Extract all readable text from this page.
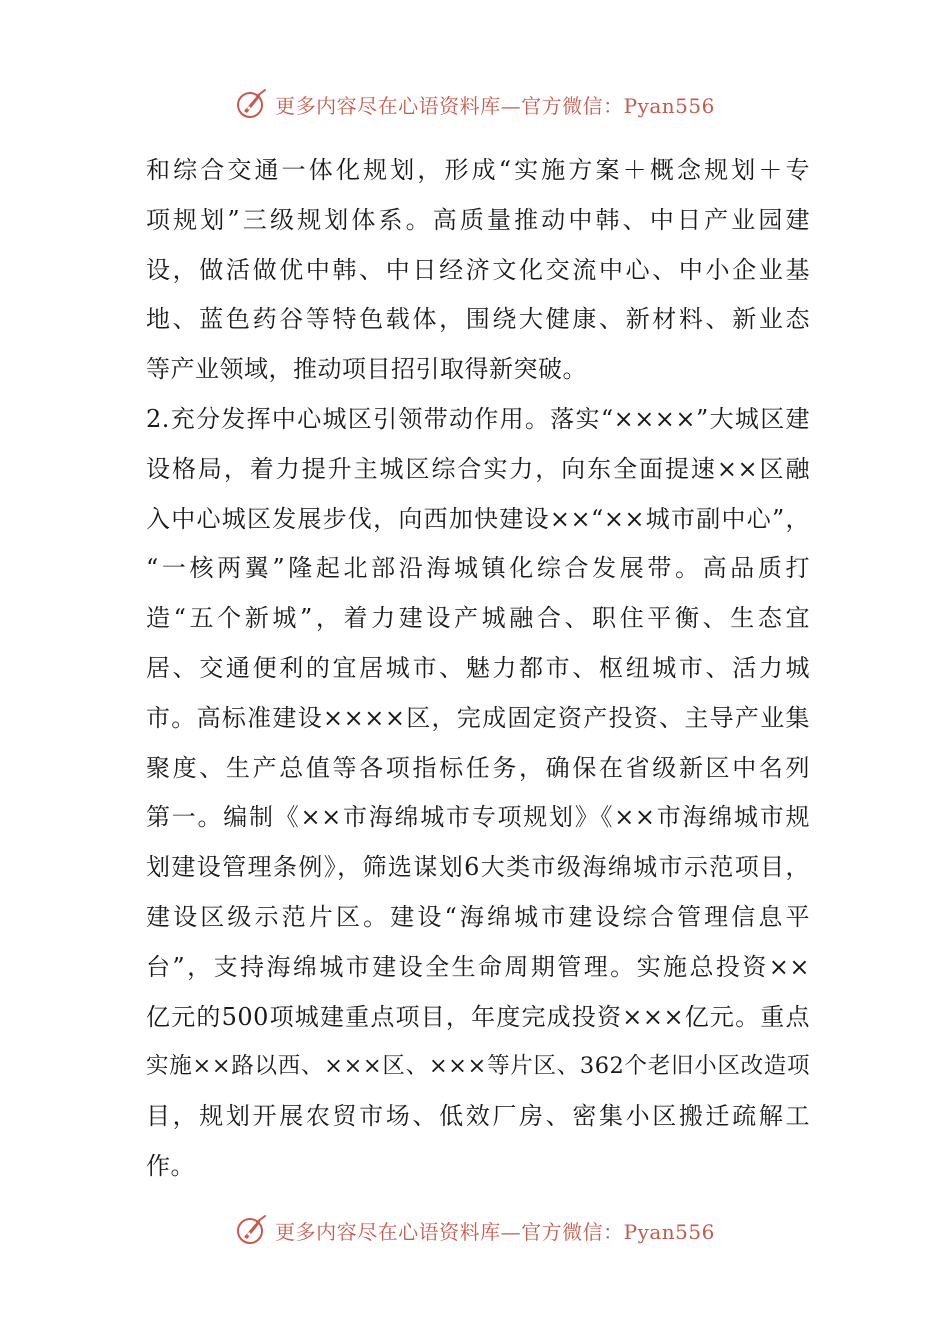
更多内容尽在心语资料库—官方微信：Pyan556
和综合交通一体化规划，形成“实施方案＋概念规划＋专
项规划”三级规划体系。高质量推动中韩、中日产业园建
设，做活做优中韩、中日经济文化交流中心、中小企业基
地、蓝色药谷等特色载体，围绕大健康、新材料、新业态
等产业领域，推动项目招引取得新突破。
2.充分发挥中心城区引领带动作用。落实“××××”大城区建
设格局，着力提升主城区综合实力，向东全面提速××区融
入中心城区发展步伐，向西加快建设××“××城市副中心”，
“一核两翼”隆起北部沿海城镇化综合发展带。高品质打
造“五个新城”，着力建设产城融合、职住平衡、生态宜
居、交通便利的宜居城市、魅力都市、枢纽城市、活力城
市。高标准建设××××区，完成固定资产投资、主导产业集
聚度、生产总值等各项指标任务，确保在省级新区中名列
第一。编制《××市海绵城市专项规划》《××市海绵城市规
划建设管理条例》，筛选谋划6大类市级海绵城市示范项目，
建设区级示范片区。建设“海绵城市建设综合管理信息平
台”，支持海绵城市建设全生命周期管理。实施总投资××
亿元的500项城建重点项目，年度完成投资×××亿元。重点
实施××路以西、×××区、×××等片区、362个老旧小区改造项
目，规划开展农贸市场、低效厂房、密集小区搬迁疏解工
作。
更多内容尽在心语资料库—官方微信：Pyan556
